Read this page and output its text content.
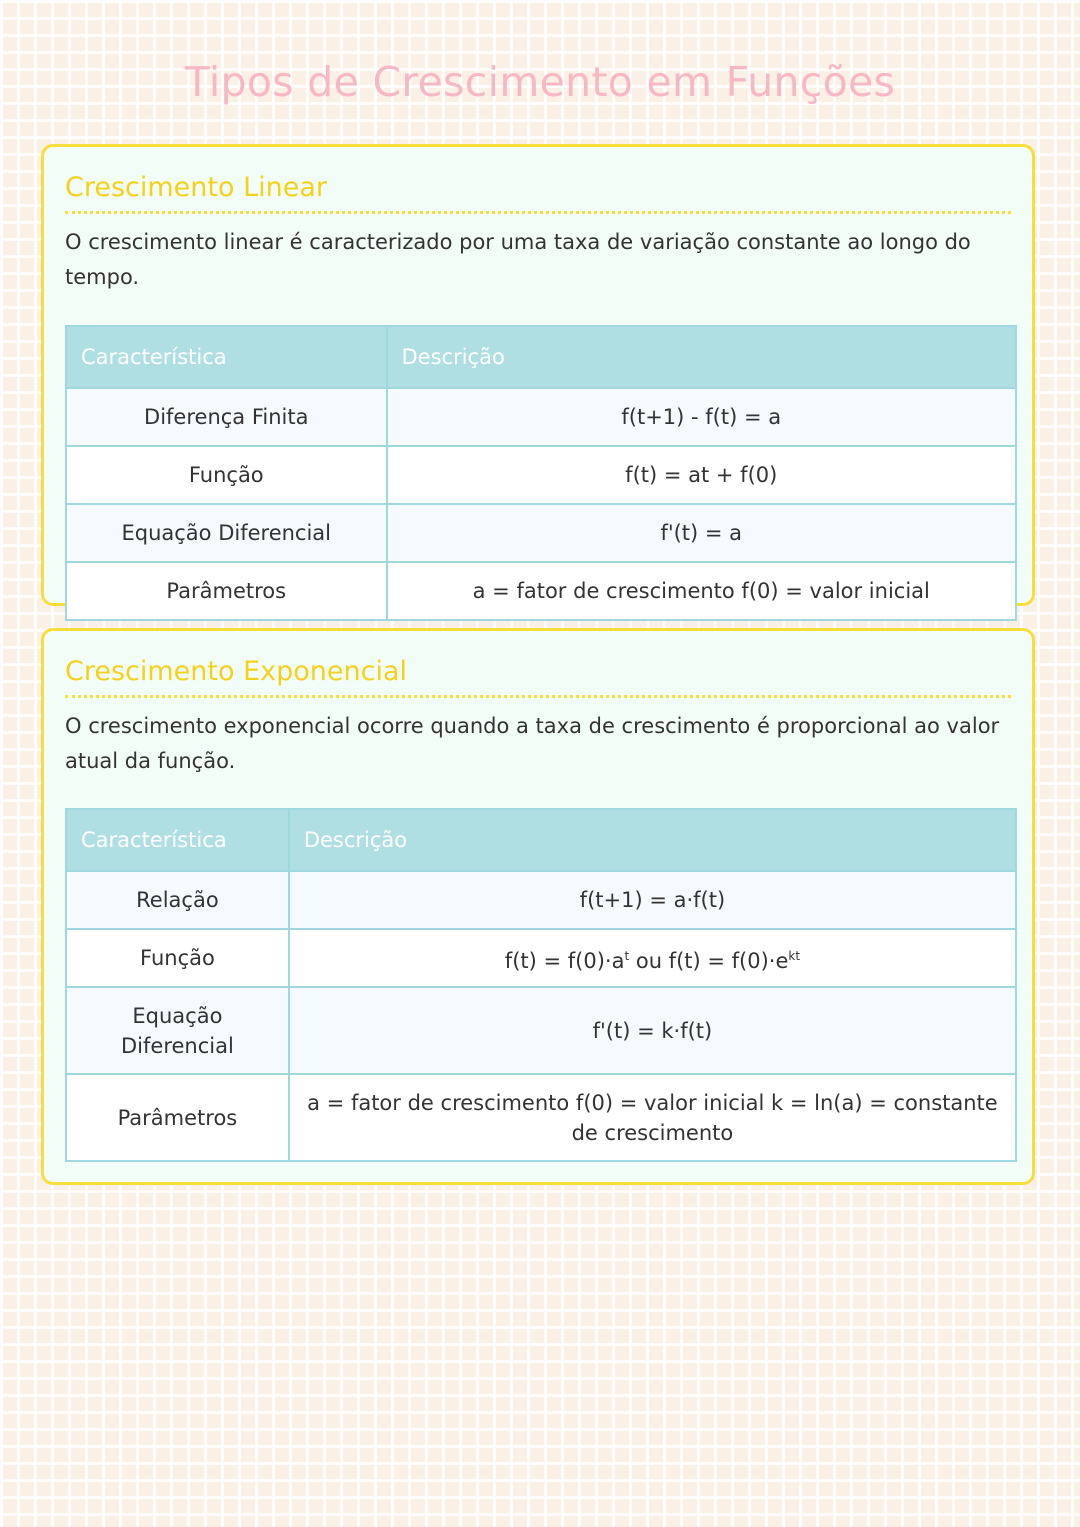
Tipos de Crescimento em Funções
Crescimento Linear
O crescimento linear é caracterizado por uma taxa de variação constante ao longo do tempo.
Característica	Descrição
Diferença Finita	f(t+1) - f(t) = a
Função	f(t) = at + f(0)
Equação Diferencial	f'(t) = a
Parâmetros	a = fator de crescimento f(0) = valor inicial
Crescimento Exponencial
O crescimento exponencial ocorre quando a taxa de crescimento é proporcional ao valor atual da função.
Característica	Descrição
Relação	f(t+1) = a·f(t)
Função	$f(t) = f(0)\cdot a^t$ ou $f(t) = f(0)\cdot e^{kt}$
Equação Diferencial	f'(t) = k·f(t)
Parâmetros	a = fator de crescimento f(0) = valor inicial k = ln(a) = constante de crescimento
